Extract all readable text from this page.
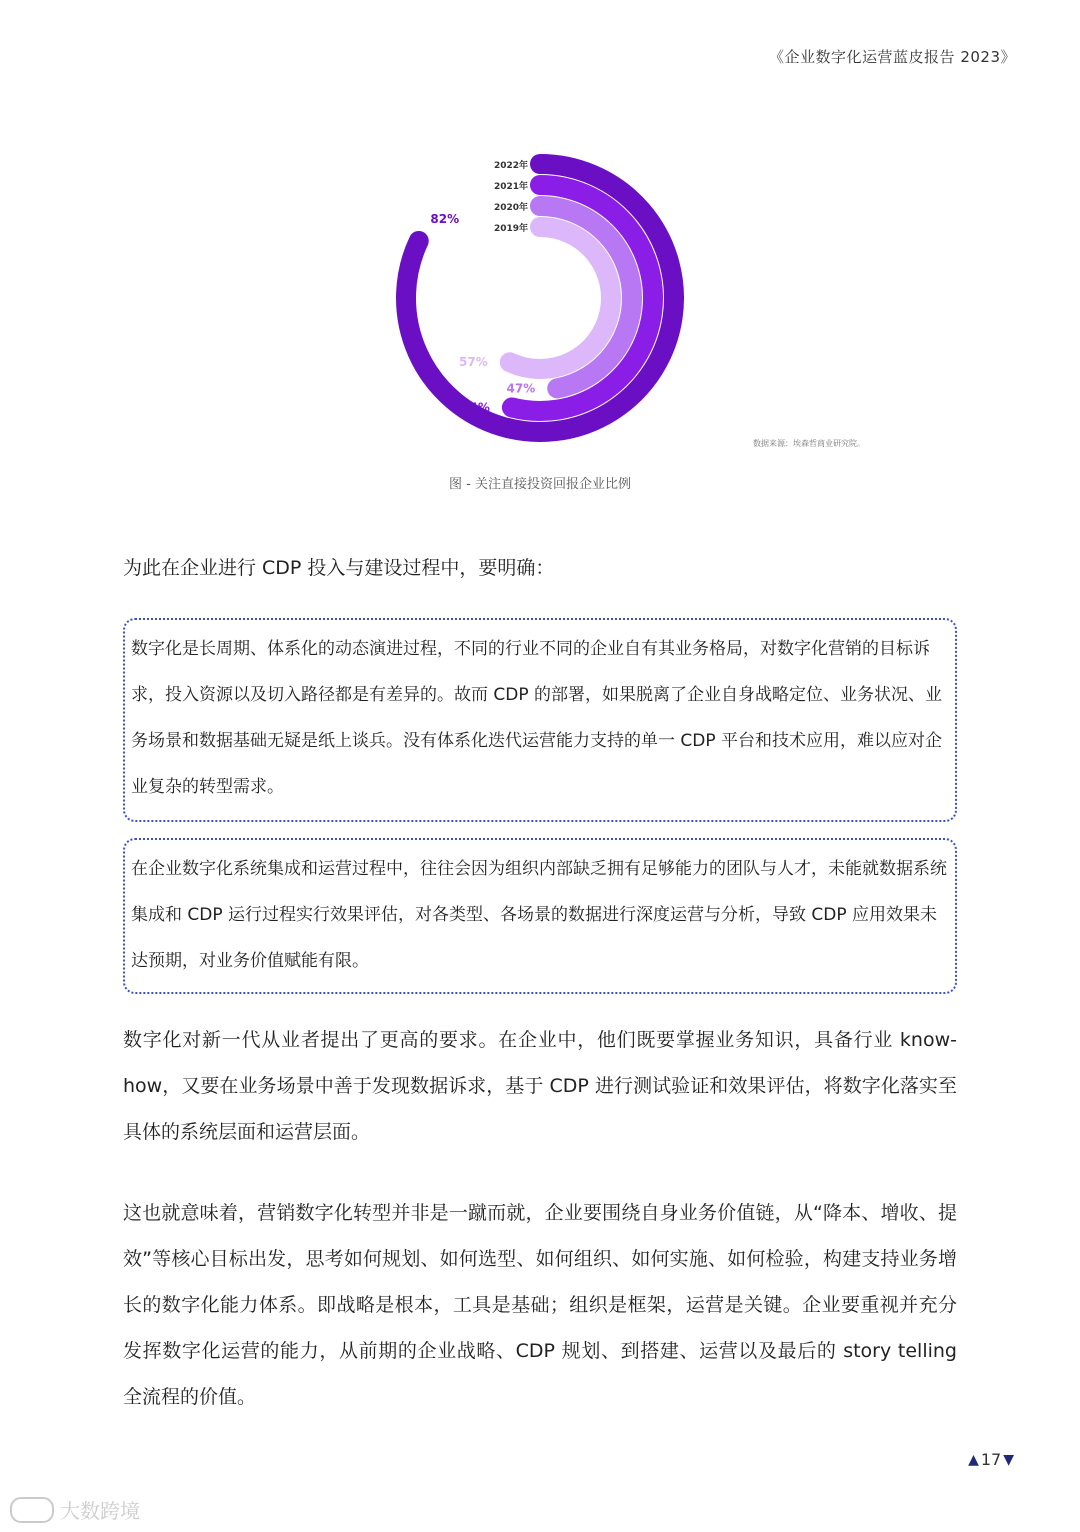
《企业数字化运营蓝皮报告 2023》
2019年
57%
2020年
47%
2021年
54%
2022年
82%
数据来源：埃森哲商业研究院。
图 - 关注直接投资回报企业比例
为此在企业进行 CDP 投入与建设过程中，要明确：
数字化是长周期、体系化的动态演进过程，不同的行业不同的企业自有其业务格局，对数字化营销的目标诉求，投入资源以及切入路径都是有差异的。故而 CDP 的部署，如果脱离了企业自身战略定位、业务状况、业务场景和数据基础无疑是纸上谈兵。没有体系化迭代运营能力支持的单一 CDP 平台和技术应用，难以应对企业复杂的转型需求。
在企业数字化系统集成和运营过程中，往往会因为组织内部缺乏拥有足够能力的团队与人才，未能就数据系统集成和 CDP 运行过程实行效果评估，对各类型、各场景的数据进行深度运营与分析，导致 CDP 应用效果未达预期，对业务价值赋能有限。
数字化对新一代从业者提出了更高的要求。在企业中，他们既要掌握业务知识，具备行业 know-how，又要在业务场景中善于发现数据诉求，基于 CDP 进行测试验证和效果评估，将数字化落实至具体的系统层面和运营层面。
这也就意味着，营销数字化转型并非是一蹴而就，企业要围绕自身业务价值链，从“降本、增收、提效”等核心目标出发，思考如何规划、如何选型、如何组织、如何实施、如何检验，构建支持业务增长的数字化能力体系。即战略是根本，工具是基础；组织是框架，运营是关键。企业要重视并充分发挥数字化运营的能力，从前期的企业战略、CDP 规划、到搭建、运营以及最后的 story telling 全流程的价值。
▲ 17 ▼
大数跨境
